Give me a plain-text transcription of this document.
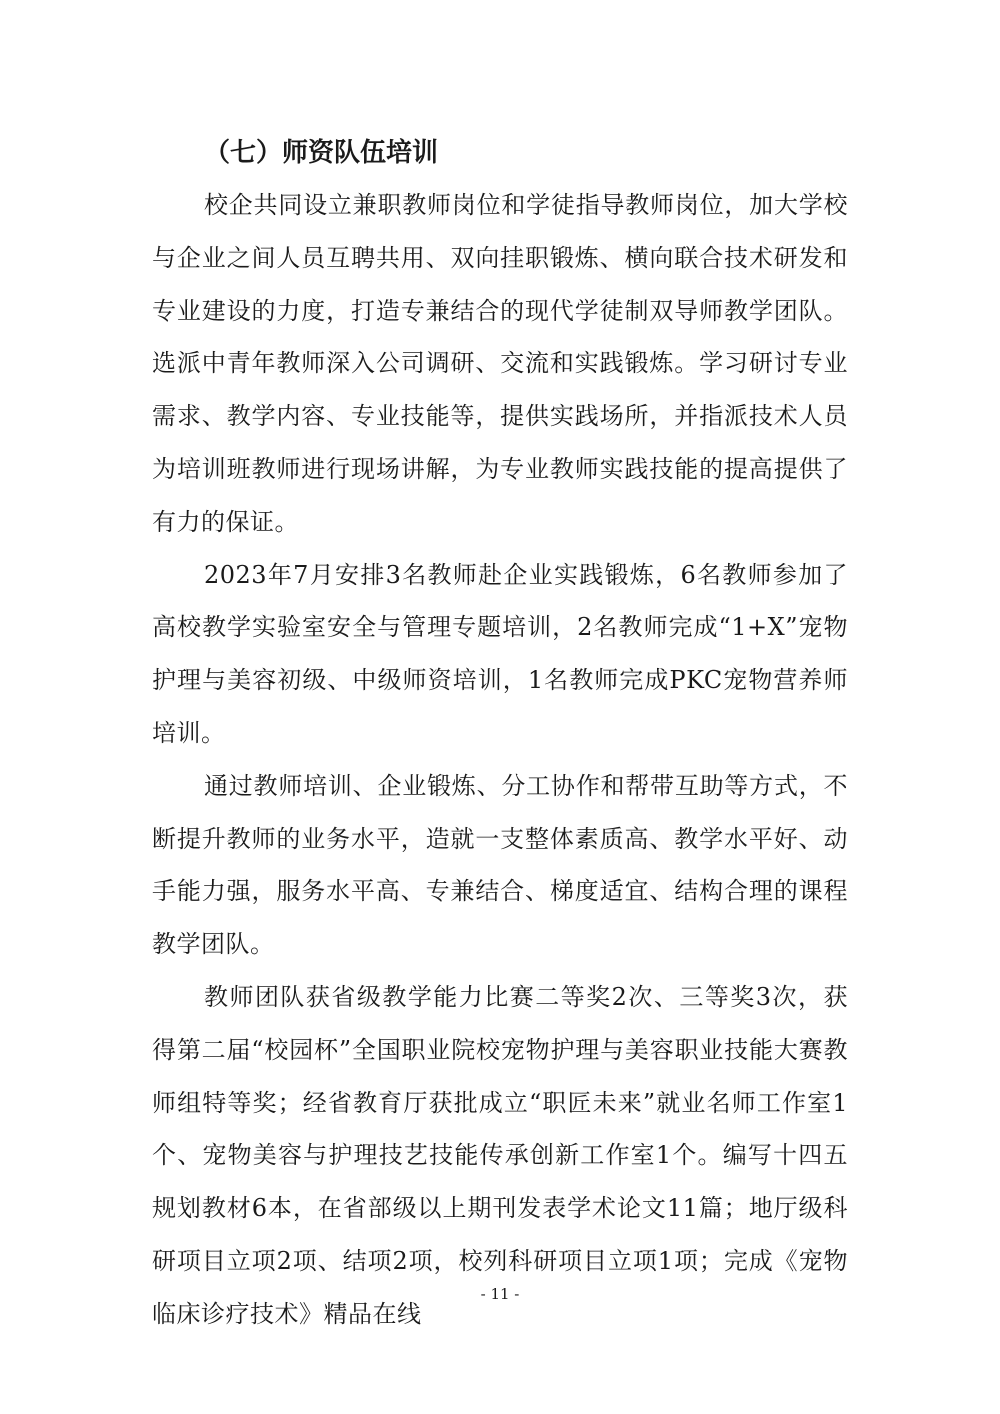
（七）师资队伍培训

校企共同设立兼职教师岗位和学徒指导教师岗位，加大学校与企业之间人员互聘共用、双向挂职锻炼、横向联合技术研发和专业建设的力度，打造专兼结合的现代学徒制双导师教学团队。选派中青年教师深入公司调研、交流和实践锻炼。学习研讨专业需求、教学内容、专业技能等，提供实践场所，并指派技术人员为培训班教师进行现场讲解，为专业教师实践技能的提高提供了有力的保证。

2023年7月安排3名教师赴企业实践锻炼，6名教师参加了高校教学实验室安全与管理专题培训，2名教师完成“1+X”宠物护理与美容初级、中级师资培训，1名教师完成PKC宠物营养师培训。

通过教师培训、企业锻炼、分工协作和帮带互助等方式，不断提升教师的业务水平，造就一支整体素质高、教学水平好、动手能力强，服务水平高、专兼结合、梯度适宜、结构合理的课程教学团队。

教师团队获省级教学能力比赛二等奖2次、三等奖3次，获得第二届“校园杯”全国职业院校宠物护理与美容职业技能大赛教师组特等奖；经省教育厅获批成立“职匠未来”就业名师工作室1个、宠物美容与护理技艺技能传承创新工作室1个。编写十四五规划教材6本，在省部级以上期刊发表学术论文11篇；地厅级科研项目立项2项、结项2项，校列科研项目立项1项；完成《宠物临床诊疗技术》精品在线

- 11 -
